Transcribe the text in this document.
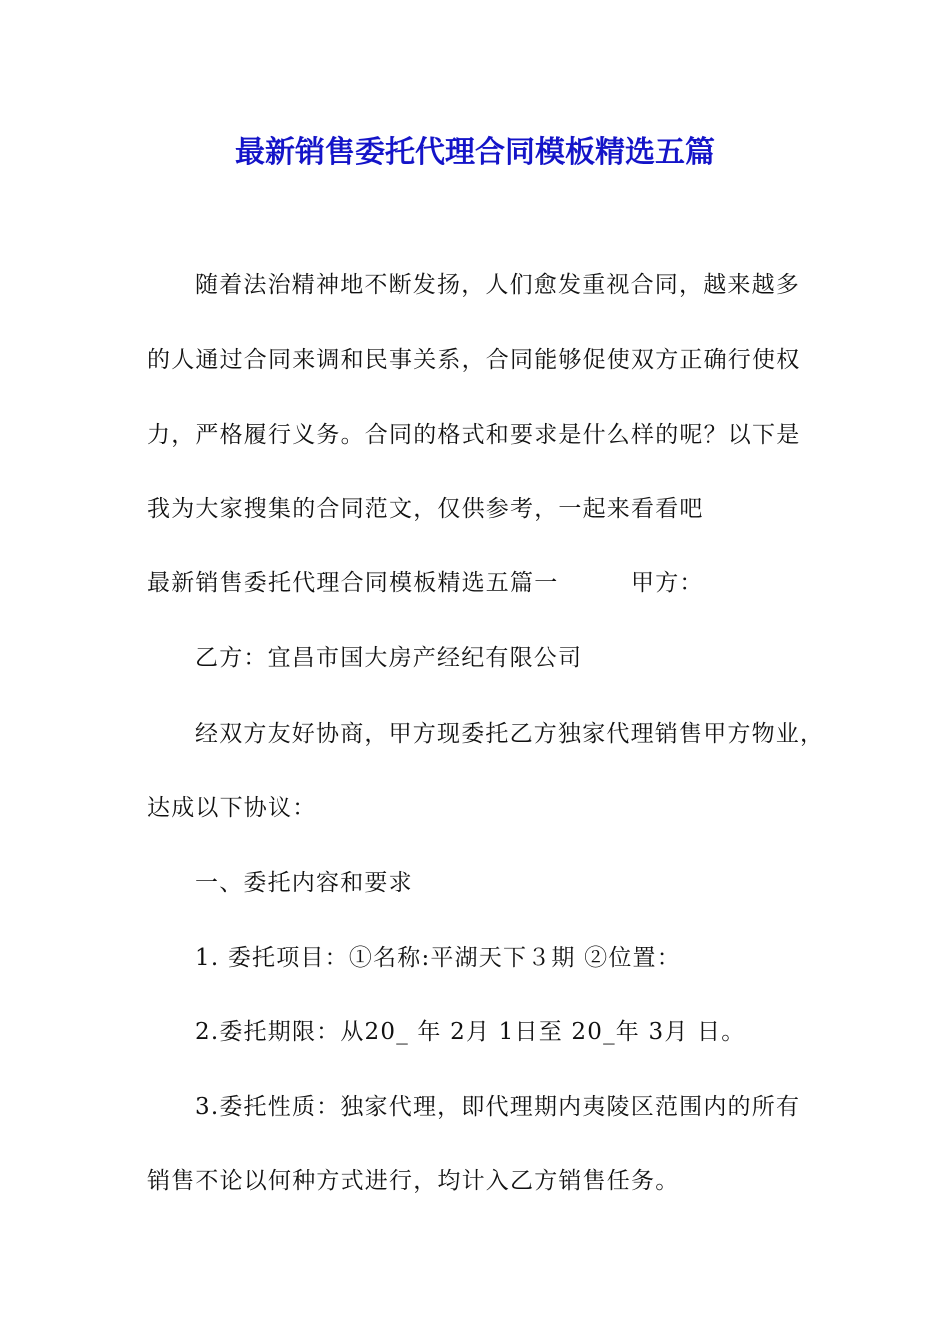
最新销售委托代理合同模板精选五篇
随着法治精神地不断发扬，人们愈发重视合同，越来越多
的人通过合同来调和民事关系，合同能够促使双方正确行使权
力，严格履行义务。合同的格式和要求是什么样的呢？以下是
我为大家搜集的合同范文，仅供参考，一起来看看吧
最新销售委托代理合同模板精选五篇一　　　甲方：
乙方：宜昌市国大房产经纪有限公司
经双方友好协商，甲方现委托乙方独家代理销售甲方物业，
达成以下协议：
一、委托内容和要求
1. 委托项目：①名称:平湖天下３期 ②位置：
2.委托期限：从20_ 年 2月 1日至 20_年 3月 日。
3.委托性质：独家代理，即代理期内夷陵区范围内的所有
销售不论以何种方式进行，均计入乙方销售任务。
